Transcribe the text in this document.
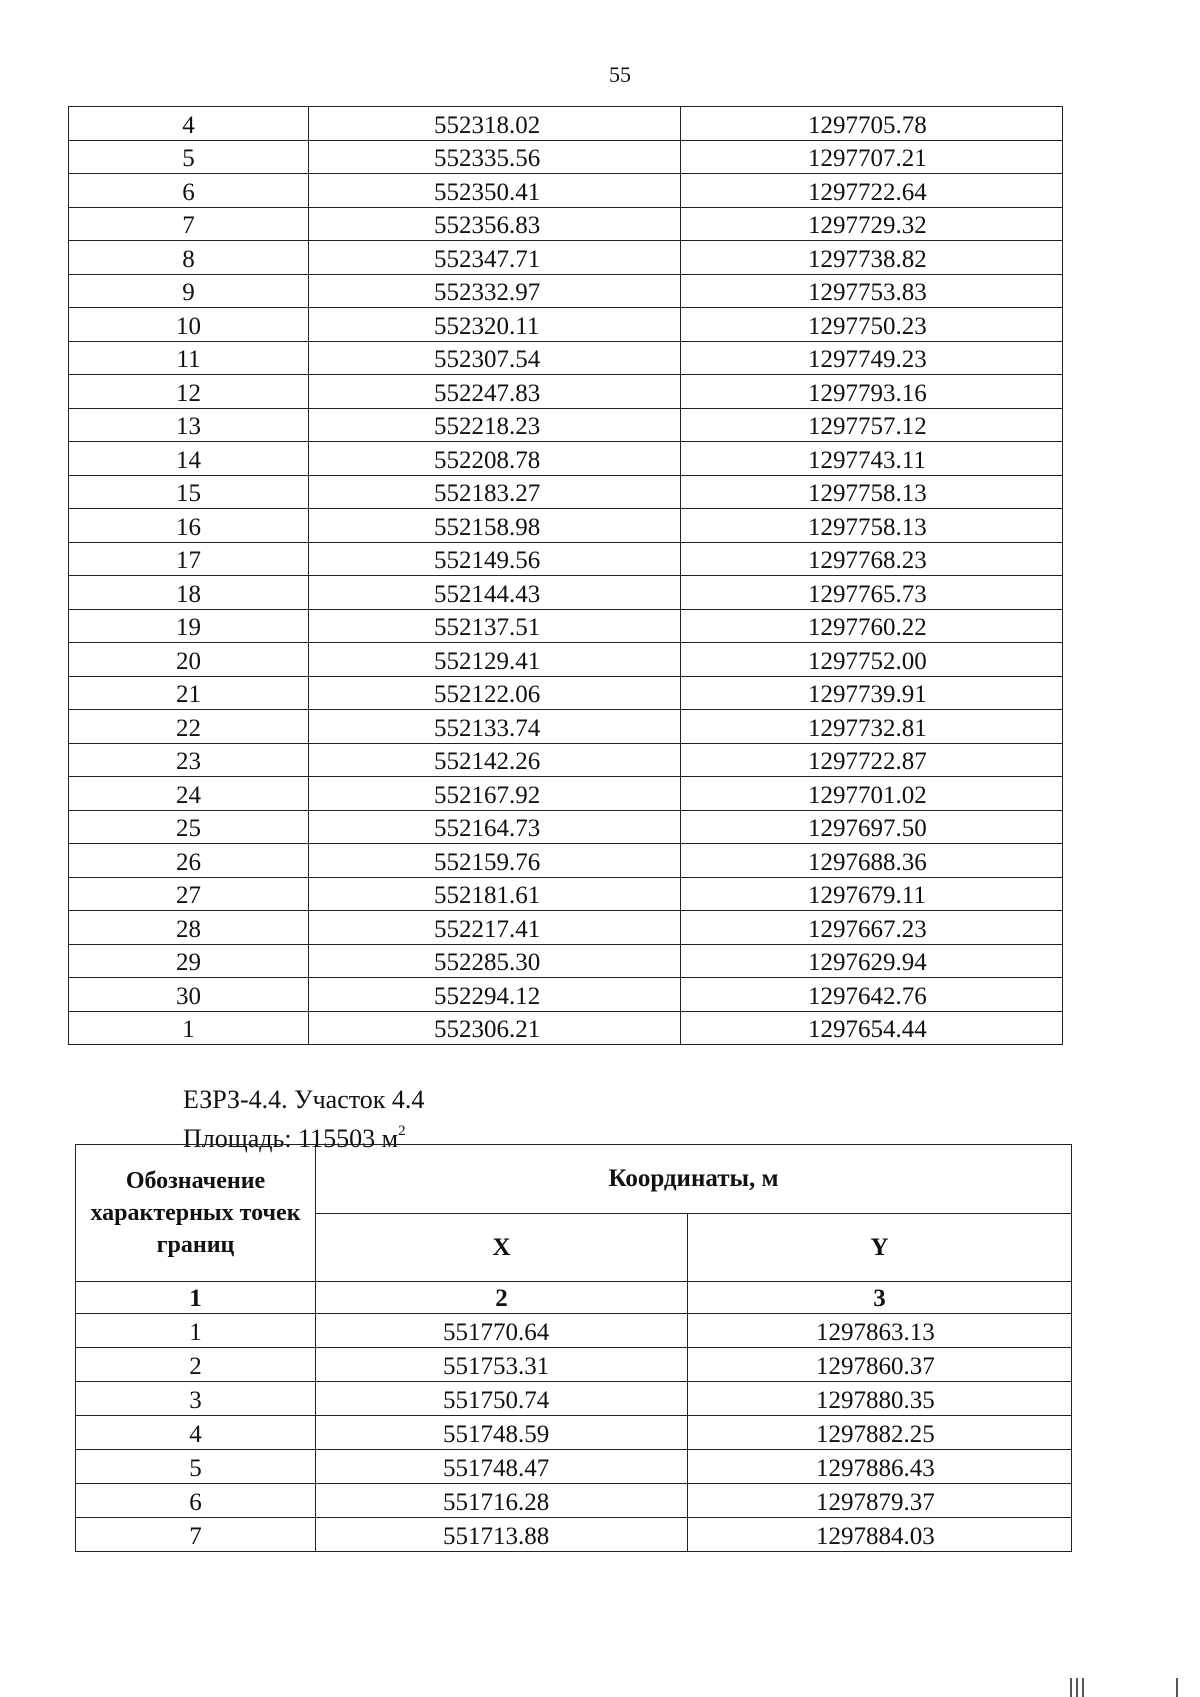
55
4	552318.02	1297705.78
5	552335.56	1297707.21
6	552350.41	1297722.64
7	552356.83	1297729.32
8	552347.71	1297738.82
9	552332.97	1297753.83
10	552320.11	1297750.23
11	552307.54	1297749.23
12	552247.83	1297793.16
13	552218.23	1297757.12
14	552208.78	1297743.11
15	552183.27	1297758.13
16	552158.98	1297758.13
17	552149.56	1297768.23
18	552144.43	1297765.73
19	552137.51	1297760.22
20	552129.41	1297752.00
21	552122.06	1297739.91
22	552133.74	1297732.81
23	552142.26	1297722.87
24	552167.92	1297701.02
25	552164.73	1297697.50
26	552159.76	1297688.36
27	552181.61	1297679.11
28	552217.41	1297667.23
29	552285.30	1297629.94
30	552294.12	1297642.76
1	552306.21	1297654.44
ЕЗРЗ-4.4. Участок 4.4
Площадь: 115503 $м^2$
Обозначение характерных точек границ	Координаты, м	
	X	Y
1	2	3
1	551770.64	1297863.13
2	551753.31	1297860.37
3	551750.74	1297880.35
4	551748.59	1297882.25
5	551748.47	1297886.43
6	551716.28	1297879.37
7	551713.88	1297884.03
